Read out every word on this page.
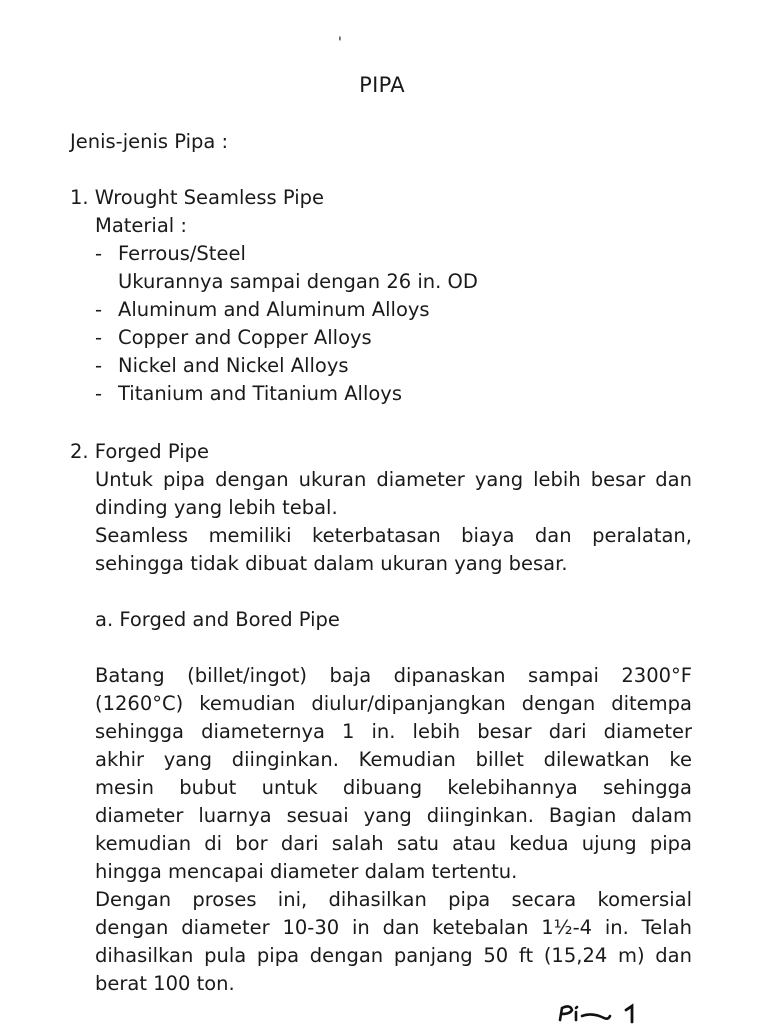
'
PIPA
Jenis-jenis Pipa :
1. Wrought Seamless Pipe
Material :
- Ferrous/Steel
Ukurannya sampai dengan 26 in. OD
- Aluminum and Aluminum Alloys
- Copper and Copper Alloys
- Nickel and Nickel Alloys
- Titanium and Titanium Alloys
2. Forged Pipe
Untuk pipa dengan ukuran diameter yang lebih besar dan
dinding yang lebih tebal.
Seamless memiliki keterbatasan biaya dan peralatan,
sehingga tidak dibuat dalam ukuran yang besar.
a. Forged and Bored Pipe
Batang (billet/ingot) baja dipanaskan sampai 2300°F
(1260°C) kemudian diulur/dipanjangkan dengan ditempa
sehingga diameternya 1 in. lebih besar dari diameter
akhir yang diinginkan. Kemudian billet dilewatkan ke
mesin bubut untuk dibuang kelebihannya sehingga
diameter luarnya sesuai yang diinginkan. Bagian dalam
kemudian di bor dari salah satu atau kedua ujung pipa
hingga mencapai diameter dalam tertentu.
Dengan proses ini, dihasilkan pipa secara komersial
dengan diameter 10-30 in dan ketebalan 1½-4 in. Telah
dihasilkan pula pipa dengan panjang 50 ft (15,24 m) dan
berat 100 ton.
